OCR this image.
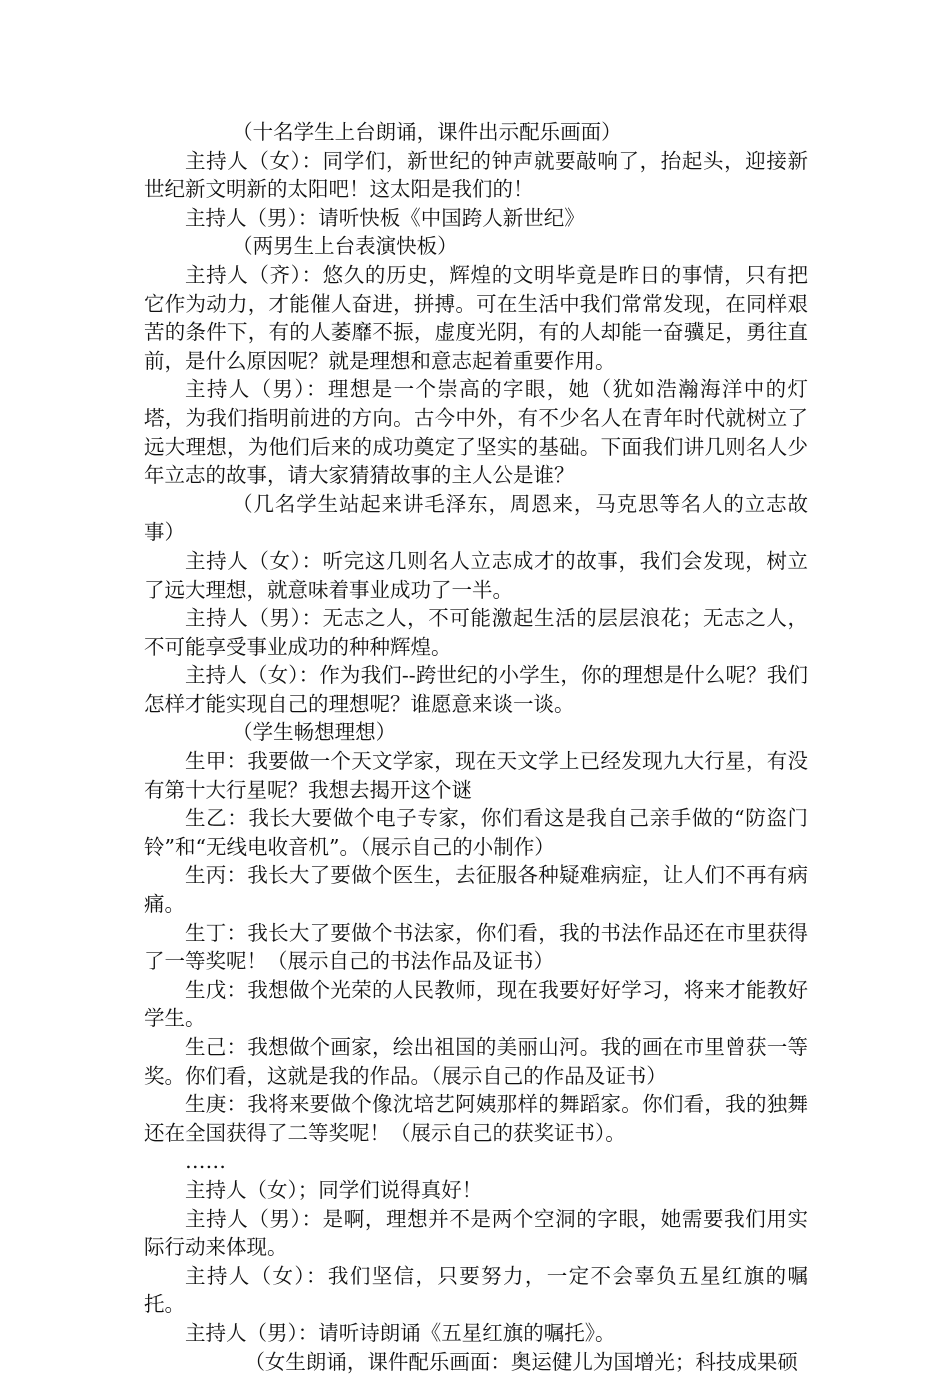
（十名学生上台朗诵，课件出示配乐画面）

主持人（女）：同学们，新世纪的钟声就要敲响了，抬起头，迎接新世纪新文明新的太阳吧！这太阳是我们的！

主持人（男）：请听快板《中国跨人新世纪》

（两男生上台表演快板）

主持人（齐）：悠久的历史，辉煌的文明毕竟是昨日的事情，只有把它作为动力，才能催人奋进，拼搏。可在生活中我们常常发现，在同样艰苦的条件下，有的人萎靡不振，虚度光阴，有的人却能一奋骥足，勇往直前，是什么原因呢？就是理想和意志起着重要作用。

主持人（男）：理想是一个崇高的字眼，她（犹如浩瀚海洋中的灯塔，为我们指明前进的方向。古今中外，有不少名人在青年时代就树立了远大理想，为他们后来的成功奠定了坚实的基础。下面我们讲几则名人少年立志的故事，请大家猜猜故事的主人公是谁？

（几名学生站起来讲毛泽东，周恩来，马克思等名人的立志故事）

主持人（女）：听完这几则名人立志成才的故事，我们会发现，树立了远大理想，就意味着事业成功了一半。

主持人（男）：无志之人，不可能激起生活的层层浪花；无志之人，不可能享受事业成功的种种辉煌。

主持人（女）：作为我们--跨世纪的小学生，你的理想是什么呢？我们怎样才能实现自己的理想呢？谁愿意来谈一谈。

（学生畅想理想）

生甲：我要做一个天文学家，现在天文学上已经发现九大行星，有没有第十大行星呢？我想去揭开这个谜

生乙：我长大要做个电子专家，你们看这是我自己亲手做的“防盗门铃”和“无线电收音机”。（展示自己的小制作）

生丙：我长大了要做个医生，去征服各种疑难病症，让人们不再有病痛。

生丁：我长大了要做个书法家，你们看，我的书法作品还在市里获得了一等奖呢！（展示自己的书法作品及证书）

生戊：我想做个光荣的人民教师，现在我要好好学习，将来才能教好学生。

生己：我想做个画家，绘出祖国的美丽山河。我的画在市里曾获一等奖。你们看，这就是我的作品。（展示自己的作品及证书）

生庚：我将来要做个像沈培艺阿姨那样的舞蹈家。你们看，我的独舞还在全国获得了二等奖呢！（展示自己的获奖证书）。

……

主持人（女）；同学们说得真好！

主持人（男）：是啊，理想并不是两个空洞的字眼，她需要我们用实际行动来体现。

主持人（女）：我们坚信，只要努力，一定不会辜负五星红旗的嘱托。

主持人（男）：请听诗朗诵《五星红旗的嘱托》。

（女生朗诵，课件配乐画面：奥运健儿为国增光；科技成果硕
